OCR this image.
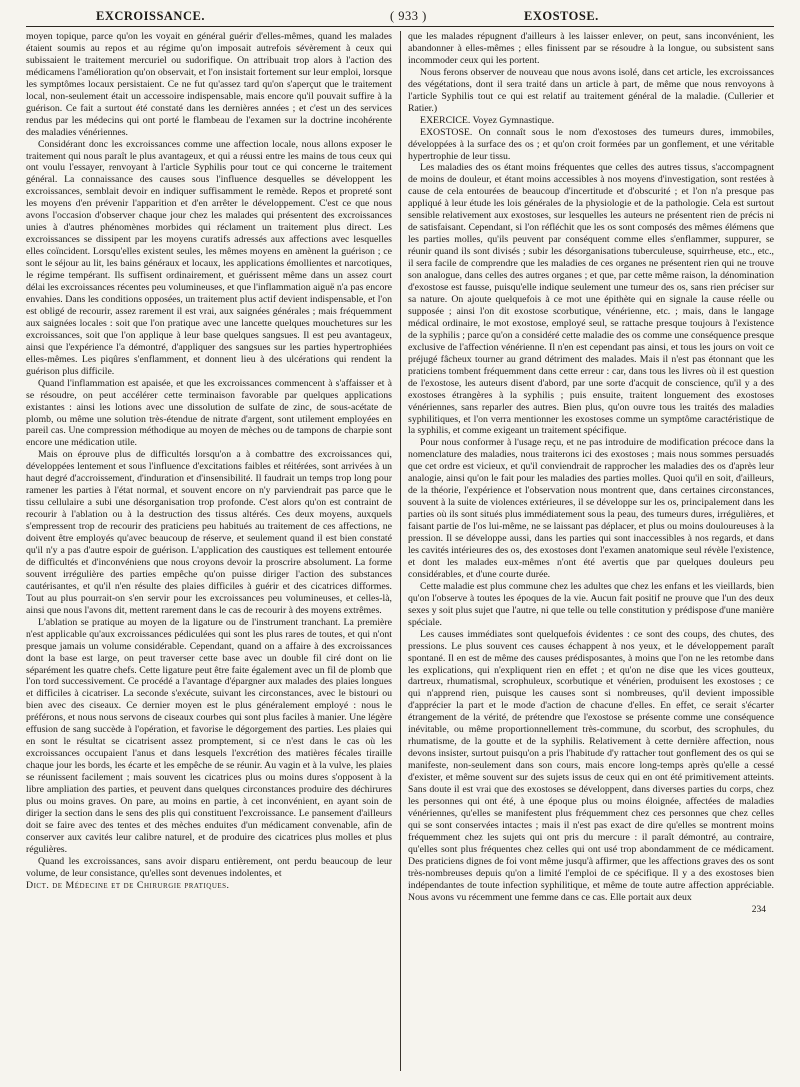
EXCROISSANCE.	( 933 )	EXOSTOSE.

moyen topique, parce qu'on les voyait en général guérir d'elles-mêmes, quand les malades étaient soumis au repos et au régime qu'on imposait autrefois sévèrement à ceux qui subissaient le traitement mercuriel ou sudorifique. On attribuait trop alors à l'action des médicamens l'amélioration qu'on observait, et l'on insistait fortement sur leur emploi, lorsque les symptômes locaux persistaient. Ce ne fut qu'assez tard qu'on s'aperçut que le traitement local, non-seulement était un accessoire indispensable, mais encore qu'il pouvait suffire à la guérison. Ce fait a surtout été constaté dans les dernières années ; et c'est un des services rendus par les médecins qui ont porté le flambeau de l'examen sur la doctrine incohérente des maladies vénériennes.

Considérant donc les excroissances comme une affection locale, nous allons exposer le traitement qui nous paraît le plus avantageux, et qui a réussi entre les mains de tous ceux qui ont voulu l'essayer, renvoyant à l'article Syphilis pour tout ce qui concerne le traitement général. La connaissance des causes sous l'influence desquelles se développent les excroissances, semblait devoir en indiquer suffisamment le remède. Repos et propreté sont les moyens d'en prévenir l'apparition et d'en arrêter le développement. C'est ce que nous avons l'occasion d'observer chaque jour chez les malades qui présentent des excroissances unies à d'autres phénomènes morbides qui réclament un traitement plus direct. Les excroissances se dissipent par les moyens curatifs adressés aux affections avec lesquelles elles coïncident. Lorsqu'elles existent seules, les mêmes moyens en amènent la guérison ; ce sont le séjour au lit, les bains généraux et locaux, les applications émollientes et narcotiques, le régime tempérant. Ils suffisent ordinairement, et guérissent même dans un assez court délai les excroissances récentes peu volumineuses, et que l'inflammation aiguë n'a pas encore envahies. Dans les conditions opposées, un traitement plus actif devient indispensable, et l'on est obligé de recourir, assez rarement il est vrai, aux saignées générales ; mais fréquemment aux saignées locales : soit que l'on pratique avec une lancette quelques mouchetures sur les excroissances, soit que l'on applique à leur base quelques sangsues. Il est peu avantageux, ainsi que l'expérience l'a démontré, d'appliquer des sangsues sur les parties hypertrophiées elles-mêmes. Les piqûres s'enflamment, et donnent lieu à des ulcérations qui rendent la guérison plus difficile.

Quand l'inflammation est apaisée, et que les excroissances commencent à s'affaisser et à se résoudre, on peut accélérer cette terminaison favorable par quelques applications existantes : ainsi les lotions avec une dissolution de sulfate de zinc, de sous-acétate de plomb, ou même une solution très-étendue de nitrate d'argent, sont utilement employées en pareil cas. Une compression méthodique au moyen de mèches ou de tampons de charpie sont encore une médication utile.

Mais on éprouve plus de difficultés lorsqu'on a à combattre des excroissances qui, développées lentement et sous l'influence d'excitations faibles et réitérées, sont arrivées à un haut degré d'accroissement, d'induration et d'insensibilité. Il faudrait un temps trop long pour ramener les parties à l'état normal, et souvent encore on n'y parviendrait pas parce que le tissu cellulaire a subi une désorganisation trop profonde. C'est alors qu'on est contraint de recourir à l'ablation ou à la destruction des tissus altérés. Ces deux moyens, auxquels s'empressent trop de recourir des praticiens peu habitués au traitement de ces affections, ne doivent être employés qu'avec beaucoup de réserve, et seulement quand il est bien constaté qu'il n'y a pas d'autre espoir de guérison. L'application des caustiques est tellement entourée de difficultés et d'inconvéniens que nous croyons devoir la proscrire absolument. La forme souvent irrégulière des parties empêche qu'on puisse diriger l'action des substances cautérisantes, et qu'il n'en résulte des plaies difficiles à guérir et des cicatrices difformes. Tout au plus pourrait-on s'en servir pour les excroissances peu volumineuses, et celles-là, ainsi que nous l'avons dit, mettent rarement dans le cas de recourir à des moyens extrêmes.

L'ablation se pratique au moyen de la ligature ou de l'instrument tranchant. La première n'est applicable qu'aux excroissances pédiculées qui sont les plus rares de toutes, et qui n'ont presque jamais un volume considérable. Cependant, quand on a affaire à des excroissances dont la base est large, on peut traverser cette base avec un double fil ciré dont on lie séparément les quatre chefs. Cette ligature peut être faite également avec un fil de plomb que l'on tord successivement. Ce procédé a l'avantage d'épargner aux malades des plaies longues et difficiles à cicatriser. La seconde s'exécute, suivant les circonstances, avec le bistouri ou bien avec des ciseaux. Ce dernier moyen est le plus généralement employé : nous le préférons, et nous nous servons de ciseaux courbes qui sont plus faciles à manier. Une légère effusion de sang succède à l'opération, et favorise le dégorgement des parties. Les plaies qui en sont le résultat se cicatrisent assez promptement, si ce n'est dans le cas où les excroissances occupaient l'anus et dans lesquels l'excrétion des matières fécales tiraille chaque jour les bords, les écarte et les empêche de se réunir. Au vagin et à la vulve, les plaies se réunissent facilement ; mais souvent les cicatrices plus ou moins dures s'opposent à la libre ampliation des parties, et peuvent dans quelques circonstances produire des déchirures plus ou moins graves. On pare, au moins en partie, à cet inconvénient, en ayant soin de diriger la section dans le sens des plis qui constituent l'excroissance. Le pansement d'ailleurs doit se faire avec des tentes et des mèches enduites d'un médicament convenable, afin de conserver aux cavités leur calibre naturel, et de produire des cicatrices plus molles et plus régulières.

Quand les excroissances, sans avoir disparu entièrement, ont perdu beaucoup de leur volume, de leur consistance, qu'elles sont devenues indolentes, et

Dict. de Médecine et de Chirurgie pratiques.

que les malades répugnent d'ailleurs à les laisser enlever, on peut, sans inconvénient, les abandonner à elles-mêmes ; elles finissent par se résoudre à la longue, ou subsistent sans incommoder ceux qui les portent.

Nous ferons observer de nouveau que nous avons isolé, dans cet article, les excroissances des végétations, dont il sera traité dans un article à part, de même que nous renvoyons à l'article Syphilis tout ce qui est relatif au traitement général de la maladie. (Cullerier et Ratier.)

EXERCICE. Voyez Gymnastique.

EXOSTOSE. On connaît sous le nom d'exostoses des tumeurs dures, immobiles, développées à la surface des os ; et qu'on croit formées par un gonflement, et une véritable hypertrophie de leur tissu.

Les maladies des os étant moins fréquentes que celles des autres tissus, s'accompagnent de moins de douleur, et étant moins accessibles à nos moyens d'investigation, sont restées à cause de cela entourées de beaucoup d'incertitude et d'obscurité ; et l'on n'a presque pas appliqué à leur étude les lois générales de la physiologie et de la pathologie. Cela est surtout sensible relativement aux exostoses, sur lesquelles les auteurs ne présentent rien de précis ni de satisfaisant. Cependant, si l'on réfléchit que les os sont composés des mêmes élémens que les parties molles, qu'ils peuvent par conséquent comme elles s'enflammer, suppurer, se réunir quand ils sont divisés ; subir les désorganisations tuberculeuse, squirrheuse, etc., etc., il sera facile de comprendre que les maladies de ces organes ne présentent rien qui ne trouve son analogue, dans celles des autres organes ; et que, par cette même raison, la dénomination d'exostose est fausse, puisqu'elle indique seulement une tumeur des os, sans rien préciser sur sa nature. On ajoute quelquefois à ce mot une épithète qui en signale la cause réelle ou supposée ; ainsi l'on dit exostose scorbutique, vénérienne, etc. ; mais, dans le langage médical ordinaire, le mot exostose, employé seul, se rattache presque toujours à l'existence de la syphilis ; parce qu'on a considéré cette maladie des os comme une conséquence presque exclusive de l'affection vénérienne. Il n'en est cependant pas ainsi, et tous les jours on voit ce préjugé fâcheux tourner au grand détriment des malades. Mais il n'est pas étonnant que les praticiens tombent fréquemment dans cette erreur : car, dans tous les livres où il est question de l'exostose, les auteurs disent d'abord, par une sorte d'acquit de conscience, qu'il y a des exostoses étrangères à la syphilis ; puis ensuite, traitent longuement des exostoses vénériennes, sans reparler des autres. Bien plus, qu'on ouvre tous les traités des maladies syphilitiques, et l'on verra mentionner les exostoses comme un symptôme caractéristique de la syphilis, et comme exigeant un traitement spécifique.

Pour nous conformer à l'usage reçu, et ne pas introduire de modification précoce dans la nomenclature des maladies, nous traiterons ici des exostoses ; mais nous sommes persuadés que cet ordre est vicieux, et qu'il conviendrait de rapprocher les maladies des os d'après leur analogie, ainsi qu'on le fait pour les maladies des parties molles. Quoi qu'il en soit, d'ailleurs, de la théorie, l'expérience et l'observation nous montrent que, dans certaines circonstances, souvent à la suite de violences extérieures, il se développe sur les os, principalement dans les parties où ils sont situés plus immédiatement sous la peau, des tumeurs dures, irrégulières, et faisant partie de l'os lui-même, ne se laissant pas déplacer, et plus ou moins douloureuses à la pression. Il se développe aussi, dans les parties qui sont inaccessibles à nos regards, et dans les cavités intérieures des os, des exostoses dont l'examen anatomique seul révèle l'existence, et dont les malades eux-mêmes n'ont été avertis que par quelques douleurs peu considérables, et d'une courte durée.

Cette maladie est plus commune chez les adultes que chez les enfans et les vieillards, bien qu'on l'observe à toutes les époques de la vie. Aucun fait positif ne prouve que l'un des deux sexes y soit plus sujet que l'autre, ni que telle ou telle constitution y prédispose d'une manière spéciale.

Les causes immédiates sont quelquefois évidentes : ce sont des coups, des chutes, des pressions. Le plus souvent ces causes échappent à nos yeux, et le développement paraît spontané. Il en est de même des causes prédisposantes, à moins que l'on ne les retombe dans les explications, qui n'expliquent rien en effet ; et qu'on ne dise que les vices goutteux, dartreux, rhumatismal, scrophuleux, scorbutique et vénérien, produisent les exostoses ; ce qui n'apprend rien, puisque les causes sont si nombreuses, qu'il devient impossible d'apprécier la part et le mode d'action de chacune d'elles. En effet, ce serait s'écarter étrangement de la vérité, de prétendre que l'exostose se présente comme une conséquence inévitable, ou même proportionnellement très-commune, du scorbut, des scrophules, du rhumatisme, de la goutte et de la syphilis. Relativement à cette dernière affection, nous devons insister, surtout puisqu'on a pris l'habitude d'y rattacher tout gonflement des os qui se manifeste, non-seulement dans son cours, mais encore long-temps après qu'elle a cessé d'exister, et même souvent sur des sujets issus de ceux qui en ont été primitivement atteints. Sans doute il est vrai que des exostoses se développent, dans diverses parties du corps, chez les personnes qui ont été, à une époque plus ou moins éloignée, affectées de maladies vénériennes, qu'elles se manifestent plus fréquemment chez ces personnes que chez celles qui se sont conservées intactes ; mais il n'est pas exact de dire qu'elles se montrent moins fréquemment chez les sujets qui ont pris du mercure : il paraît démontré, au contraire, qu'elles sont plus fréquentes chez celles qui ont usé trop abondamment de ce médicament. Des praticiens dignes de foi vont même jusqu'à affirmer, que les affections graves des os sont très-nombreuses depuis qu'on a limité l'emploi de ce spécifique. Il y a des exostoses bien indépendantes de toute infection syphilitique, et même de toute autre affection appréciable. Nous avons vu récemment une femme dans ce cas. Elle portait aux deux

234
